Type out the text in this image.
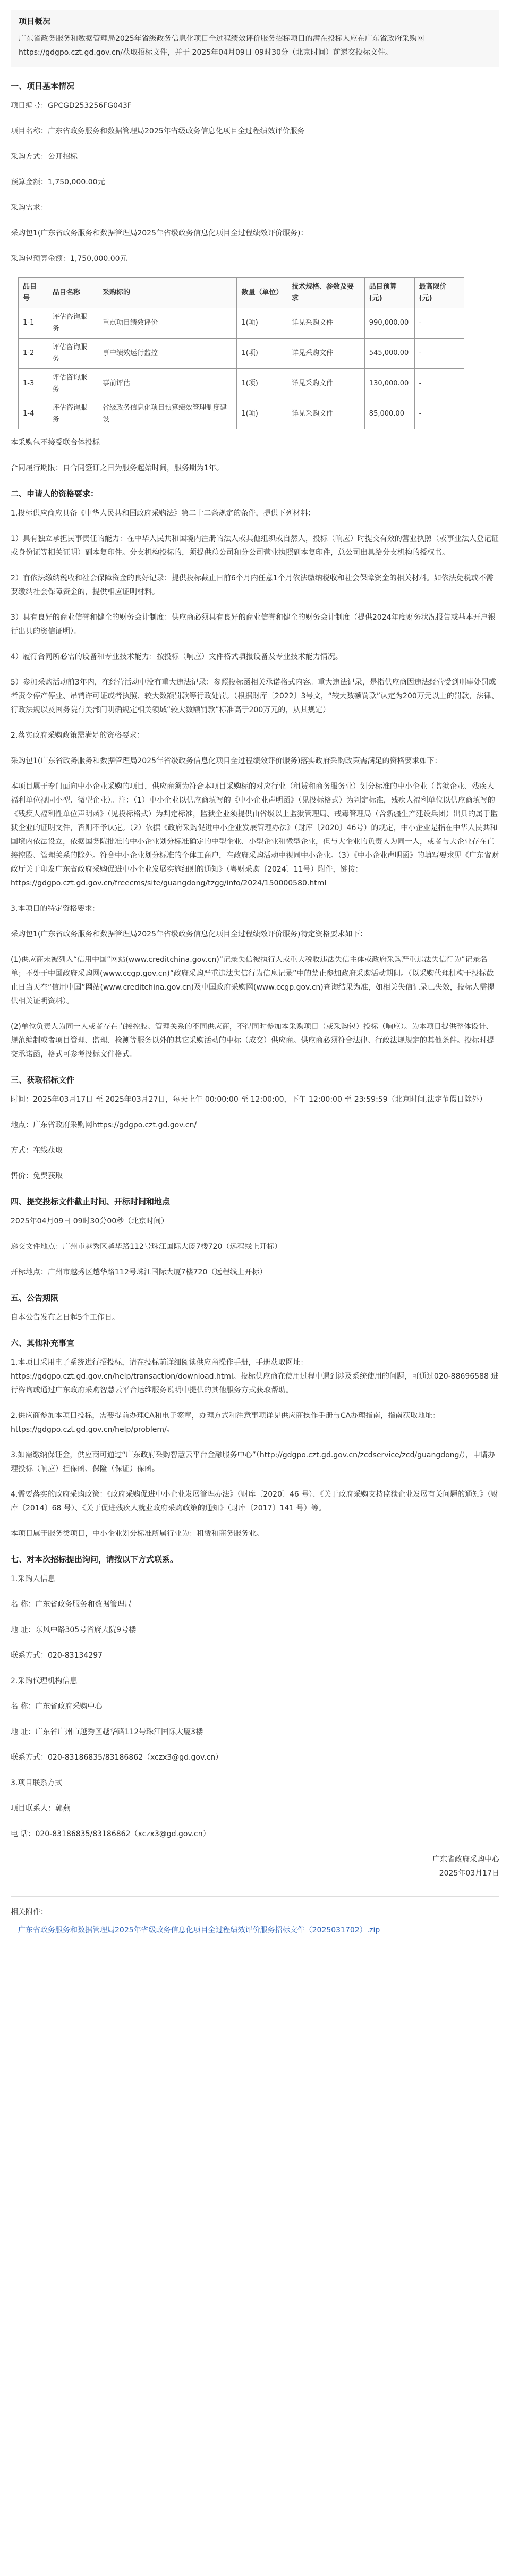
项目概况

广东省政务服务和数据管理局2025年省级政务信息化项目全过程绩效评价服务招标项目的潜在投标人应在广东省政府采购网https://gdgpo.czt.gd.gov.cn/获取招标文件，并于 2025年04月09日 09时30分（北京时间）前递交投标文件。

一、项目基本情况

项目编号：GPCGD253256FG043F

项目名称：广东省政务服务和数据管理局2025年省级政务信息化项目全过程绩效评价服务

采购方式：公开招标

预算金额：1,750,000.00元

采购需求：

采购包1(广东省政务服务和数据管理局2025年省级政务信息化项目全过程绩效评价服务)：

采购包预算金额：1,750,000.00元

品目号	品目名称	采购标的	数量（单位）	技术规格、参数及要求	品目预算(元)	最高限价(元)
1-1	评估咨询服务	重点项目绩效评价	1(项)	详见采购文件	990,000.00	-
1-2	评估咨询服务	事中绩效运行监控	1(项)	详见采购文件	545,000.00	-
1-3	评估咨询服务	事前评估	1(项)	详见采购文件	130,000.00	-
1-4	评估咨询服务	省级政务信息化项目预算绩效管理制度建设	1(项)	详见采购文件	85,000.00	-

本采购包不接受联合体投标

合同履行期限：自合同签订之日为服务起始时间，服务期为1年。

二、申请人的资格要求：

1.投标供应商应具备《中华人民共和国政府采购法》第二十二条规定的条件，提供下列材料：

1）具有独立承担民事责任的能力：在中华人民共和国境内注册的法人或其他组织或自然人，投标（响应）时提交有效的营业执照（或事业法人登记证或身份证等相关证明）副本复印件。分支机构投标的，须提供总公司和分公司营业执照副本复印件，总公司出具给分支机构的授权书。

2）有依法缴纳税收和社会保障资金的良好记录：提供投标截止日前6个月内任意1个月依法缴纳税收和社会保障资金的相关材料。如依法免税或不需要缴纳社会保障资金的，提供相应证明材料。

3）具有良好的商业信誉和健全的财务会计制度：供应商必须具有良好的商业信誉和健全的财务会计制度（提供2024年度财务状况报告或基本开户银行出具的资信证明）。

4）履行合同所必需的设备和专业技术能力：按投标（响应）文件格式填报设备及专业技术能力情况。

5）参加采购活动前3年内，在经营活动中没有重大违法记录：参照投标函相关承诺格式内容。重大违法记录，是指供应商因违法经营受到刑事处罚或者责令停产停业、吊销许可证或者执照、较大数额罚款等行政处罚。（根据财库〔2022〕3号文，“较大数额罚款”认定为200万元以上的罚款，法律、行政法规以及国务院有关部门明确规定相关领域“较大数额罚款”标准高于200万元的，从其规定）

2.落实政府采购政策需满足的资格要求：

采购包1(广东省政务服务和数据管理局2025年省级政务信息化项目全过程绩效评价服务)落实政府采购政策需满足的资格要求如下：

本项目属于专门面向中小企业采购的项目，供应商须为符合本项目采购标的对应行业（租赁和商务服务业）划分标准的中小企业（监狱企业、残疾人福利单位视同小型、微型企业）。注：（1）中小企业以供应商填写的《中小企业声明函》（见投标格式）为判定标准，残疾人福利单位以供应商填写的《残疾人福利性单位声明函》（见投标格式）为判定标准，监狱企业须提供由省级以上监狱管理局、戒毒管理局（含新疆生产建设兵团）出具的属于监狱企业的证明文件，否则不予认定。（2）依据《政府采购促进中小企业发展管理办法》（财库〔2020〕46号）的规定，中小企业是指在中华人民共和国境内依法设立，依据国务院批准的中小企业划分标准确定的中型企业、小型企业和微型企业，但与大企业的负责人为同一人，或者与大企业存在直接控股、管理关系的除外。符合中小企业划分标准的个体工商户，在政府采购活动中视同中小企业。（3）《中小企业声明函》的填写要求见《广东省财政厅关于印发广东省政府采购促进中小企业发展实施细则的通知》（粤财采购〔2024〕11号）附件，链接：https://gdgpo.czt.gd.gov.cn/freecms/site/guangdong/tzgg/info/2024/150000580.html

3.本项目的特定资格要求：

采购包1(广东省政务服务和数据管理局2025年省级政务信息化项目全过程绩效评价服务)特定资格要求如下：

(1)供应商未被列入“信用中国”网站(www.creditchina.gov.cn)“记录失信被执行人或重大税收违法失信主体或政府采购严重违法失信行为”记录名单；不处于中国政府采购网(www.ccgp.gov.cn)“政府采购严重违法失信行为信息记录”中的禁止参加政府采购活动期间。（以采购代理机构于投标截止日当天在“信用中国”网站(www.creditchina.gov.cn)及中国政府采购网(www.ccgp.gov.cn)查询结果为准，如相关失信记录已失效，投标人需提供相关证明资料）。

(2)单位负责人为同一人或者存在直接控股、管理关系的不同供应商，不得同时参加本采购项目（或采购包）投标（响应）。为本项目提供整体设计、规范编制或者项目管理、监理、检测等服务以外的其它采购活动的中标（成交）供应商。供应商必须符合法律、行政法规规定的其他条件。投标时提交承诺函，格式可参考投标文件格式。

三、获取招标文件

时间：2025年03月17日 至 2025年03月27日，每天上午 00:00:00 至 12:00:00，下午 12:00:00 至 23:59:59（北京时间,法定节假日除外）

地点：广东省政府采购网https://gdgpo.czt.gd.gov.cn/

方式：在线获取

售价：免费获取

四、提交投标文件截止时间、开标时间和地点

2025年04月09日 09时30分00秒（北京时间）

递交文件地点：广州市越秀区越华路112号珠江国际大厦7楼720（远程线上开标）

开标地点：广州市越秀区越华路112号珠江国际大厦7楼720（远程线上开标）

五、公告期限

自本公告发布之日起5个工作日。

六、其他补充事宜

1.本项目采用电子系统进行招投标，请在投标前详细阅读供应商操作手册，手册获取网址：https://gdgpo.czt.gd.gov.cn/help/transaction/download.html。投标供应商在使用过程中遇到涉及系统使用的问题，可通过020-88696588 进行咨询或通过广东政府采购智慧云平台运维服务说明中提供的其他服务方式获取帮助。

2.供应商参加本项目投标，需要提前办理CA和电子签章，办理方式和注意事项详见供应商操作手册与CA办理指南，指南获取地址：https://gdgpo.czt.gd.gov.cn/help/problem/。

3.如需缴纳保证金，供应商可通过“广东政府采购智慧云平台金融服务中心”（http://gdgpo.czt.gd.gov.cn/zcdservice/zcd/guangdong/），申请办理投标（响应）担保函、保险（保证）保函。

4.需要落实的政府采购政策：《政府采购促进中小企业发展管理办法》（财库〔2020〕46 号）、《关于政府采购支持监狱企业发展有关问题的通知》（财库〔2014〕68 号）、《关于促进残疾人就业政府采购政策的通知》（财库〔2017〕141 号）等。

本项目属于服务类项目，中小企业划分标准所属行业为：租赁和商务服务业。

七、对本次招标提出询问，请按以下方式联系。

1.采购人信息

名 称：广东省政务服务和数据管理局

地 址：东风中路305号省府大院9号楼

联系方式：020-83134297

2.采购代理机构信息

名 称：广东省政府采购中心

地 址：广东省广州市越秀区越华路112号珠江国际大厦3楼

联系方式：020-83186835/83186862（xczx3@gd.gov.cn）

3.项目联系方式

项目联系人：郭燕

电 话：020-83186835/83186862（xczx3@gd.gov.cn）

广东省政府采购中心

2025年03月17日

相关附件：

广东省政务服务和数据管理局2025年省级政务信息化项目全过程绩效评价服务招标文件（2025031702）.zip
